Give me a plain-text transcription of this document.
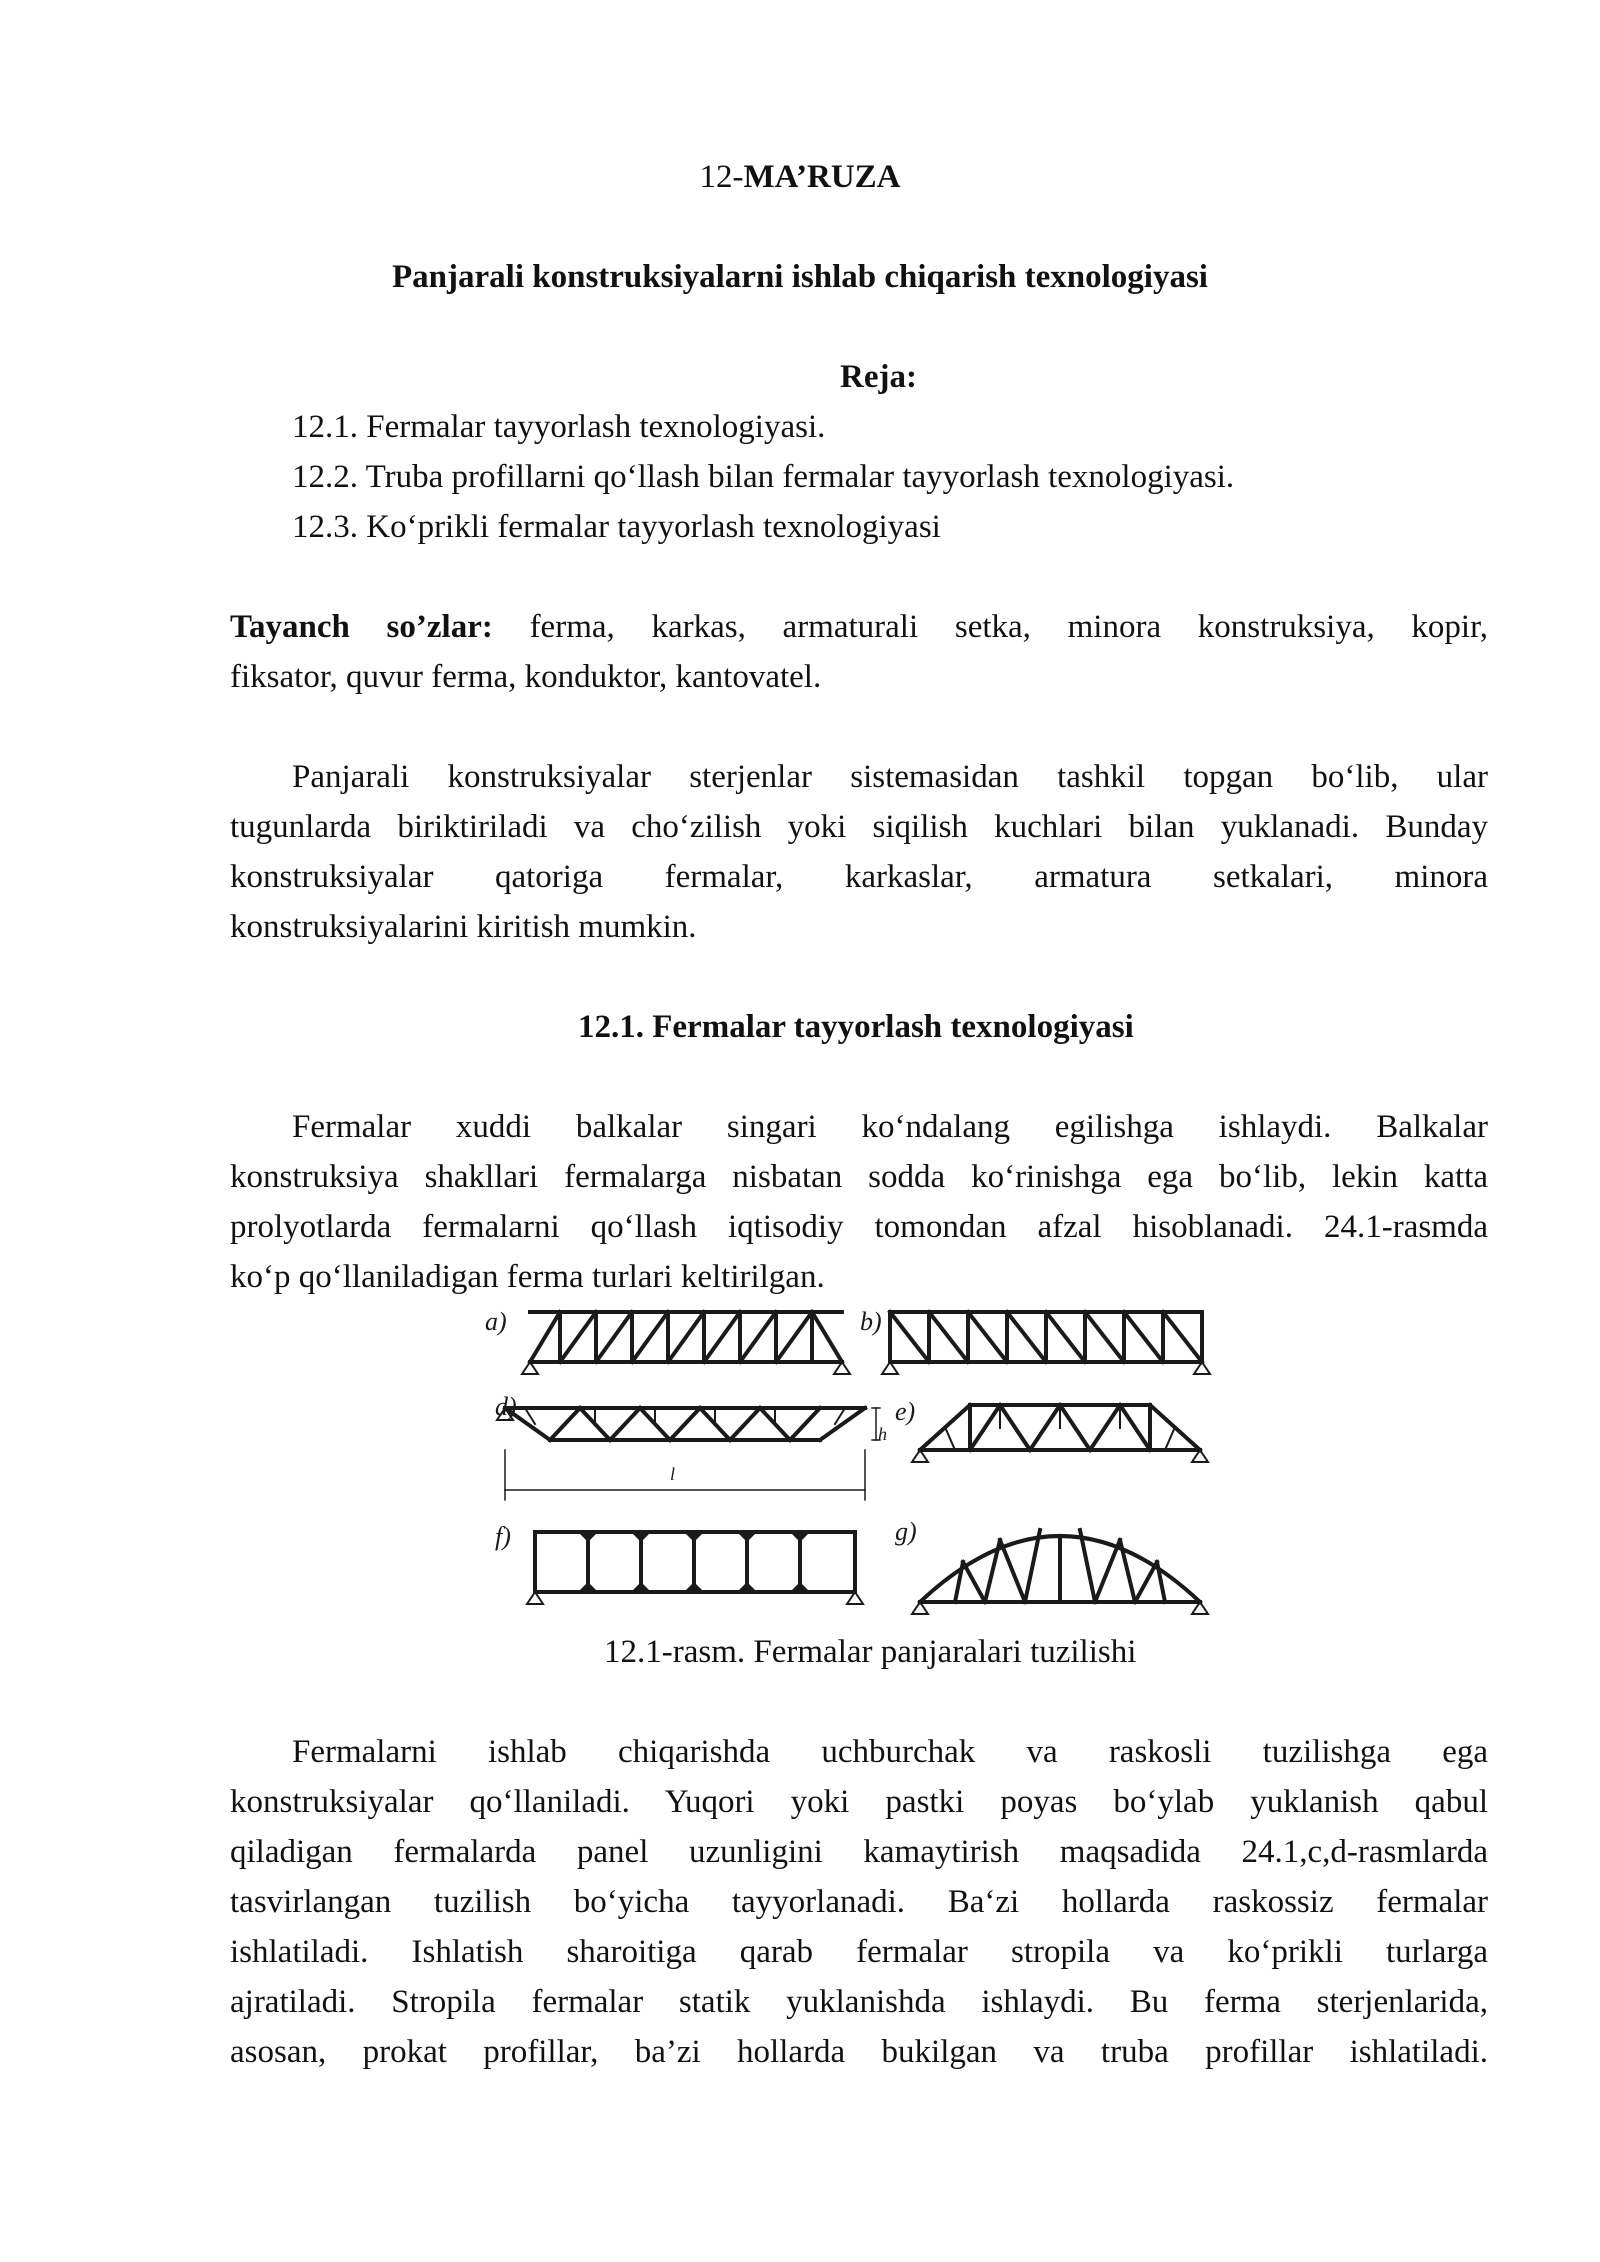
12-MA’RUZA
Panjarali konstruksiyalarni ishlab chiqarish texnologiyasi
Reja:
12.1. Fermalar tayyorlash texnologiyasi.
12.2. Truba profillarni qo‘llash bilan fermalar tayyorlash texnologiyasi.
12.3. Ko‘prikli fermalar tayyorlash texnologiyasi
Tayanch so’zlar: ferma, karkas, armaturali setka, minora konstruksiya, kopir,
fiksator, quvur ferma, konduktor, kantovatel.
Panjarali konstruksiyalar sterjenlar sistemasidan tashkil topgan bo‘lib, ular
tugunlarda biriktiriladi va cho‘zilish yoki siqilish kuchlari bilan yuklanadi. Bunday
konstruksiyalar qatoriga fermalar, karkaslar, armatura setkalari, minora
konstruksiyalarini kiritish mumkin.
12.1. Fermalar tayyorlash texnologiyasi
Fermalar xuddi balkalar singari ko‘ndalang egilishga ishlaydi. Balkalar
konstruksiya shakllari fermalarga nisbatan sodda ko‘rinishga ega bo‘lib, lekin katta
prolyotlarda fermalarni qo‘llash iqtisodiy tomondan afzal hisoblanadi. 24.1-rasmda
ko‘p qo‘llaniladigan ferma turlari keltirilgan.
a)	b)
d)	e)
f)	g)
h
l
12.1-rasm. Fermalar panjaralari tuzilishi
Fermalarni ishlab chiqarishda uchburchak va raskosli tuzilishga ega
konstruksiyalar qo‘llaniladi. Yuqori yoki pastki poyas bo‘ylab yuklanish qabul
qiladigan fermalarda panel uzunligini kamaytirish maqsadida 24.1,c,d-rasmlarda
tasvirlangan tuzilish bo‘yicha tayyorlanadi. Ba‘zi hollarda raskossiz fermalar
ishlatiladi. Ishlatish sharoitiga qarab fermalar stropila va ko‘prikli turlarga
ajratiladi. Stropila fermalar statik yuklanishda ishlaydi. Bu ferma sterjenlarida,
asosan, prokat profillar, ba’zi hollarda bukilgan va truba profillar ishlatiladi.
